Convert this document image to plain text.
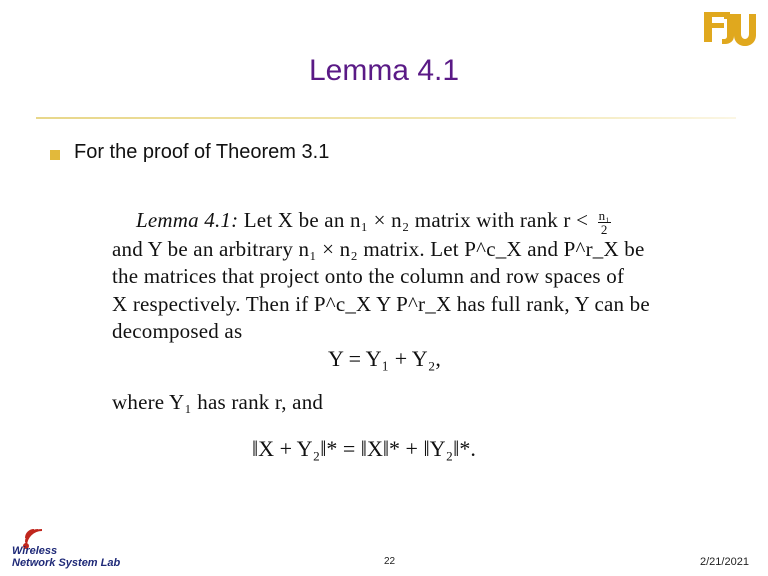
Lemma 4.1
For the proof of Theorem 3.1
Lemma 4.1: Let X be an n₁ × n₂ matrix with rank $r < \frac{\text{n₁}}{2}$
and Y be an arbitrary n₁ × n₂ matrix. Let P^c_X and P^r_X be
the matrices that project onto the column and row spaces of
X respectively. Then if P^c_X Y P^r_X has full rank, Y can be
decomposed as
Y = Y₁ + Y₂,
where Y₁ has rank r, and
‖X + Y₂‖* = ‖X‖* + ‖Y₂‖*.
Wireless
Network System Lab	22	2/21/2021
